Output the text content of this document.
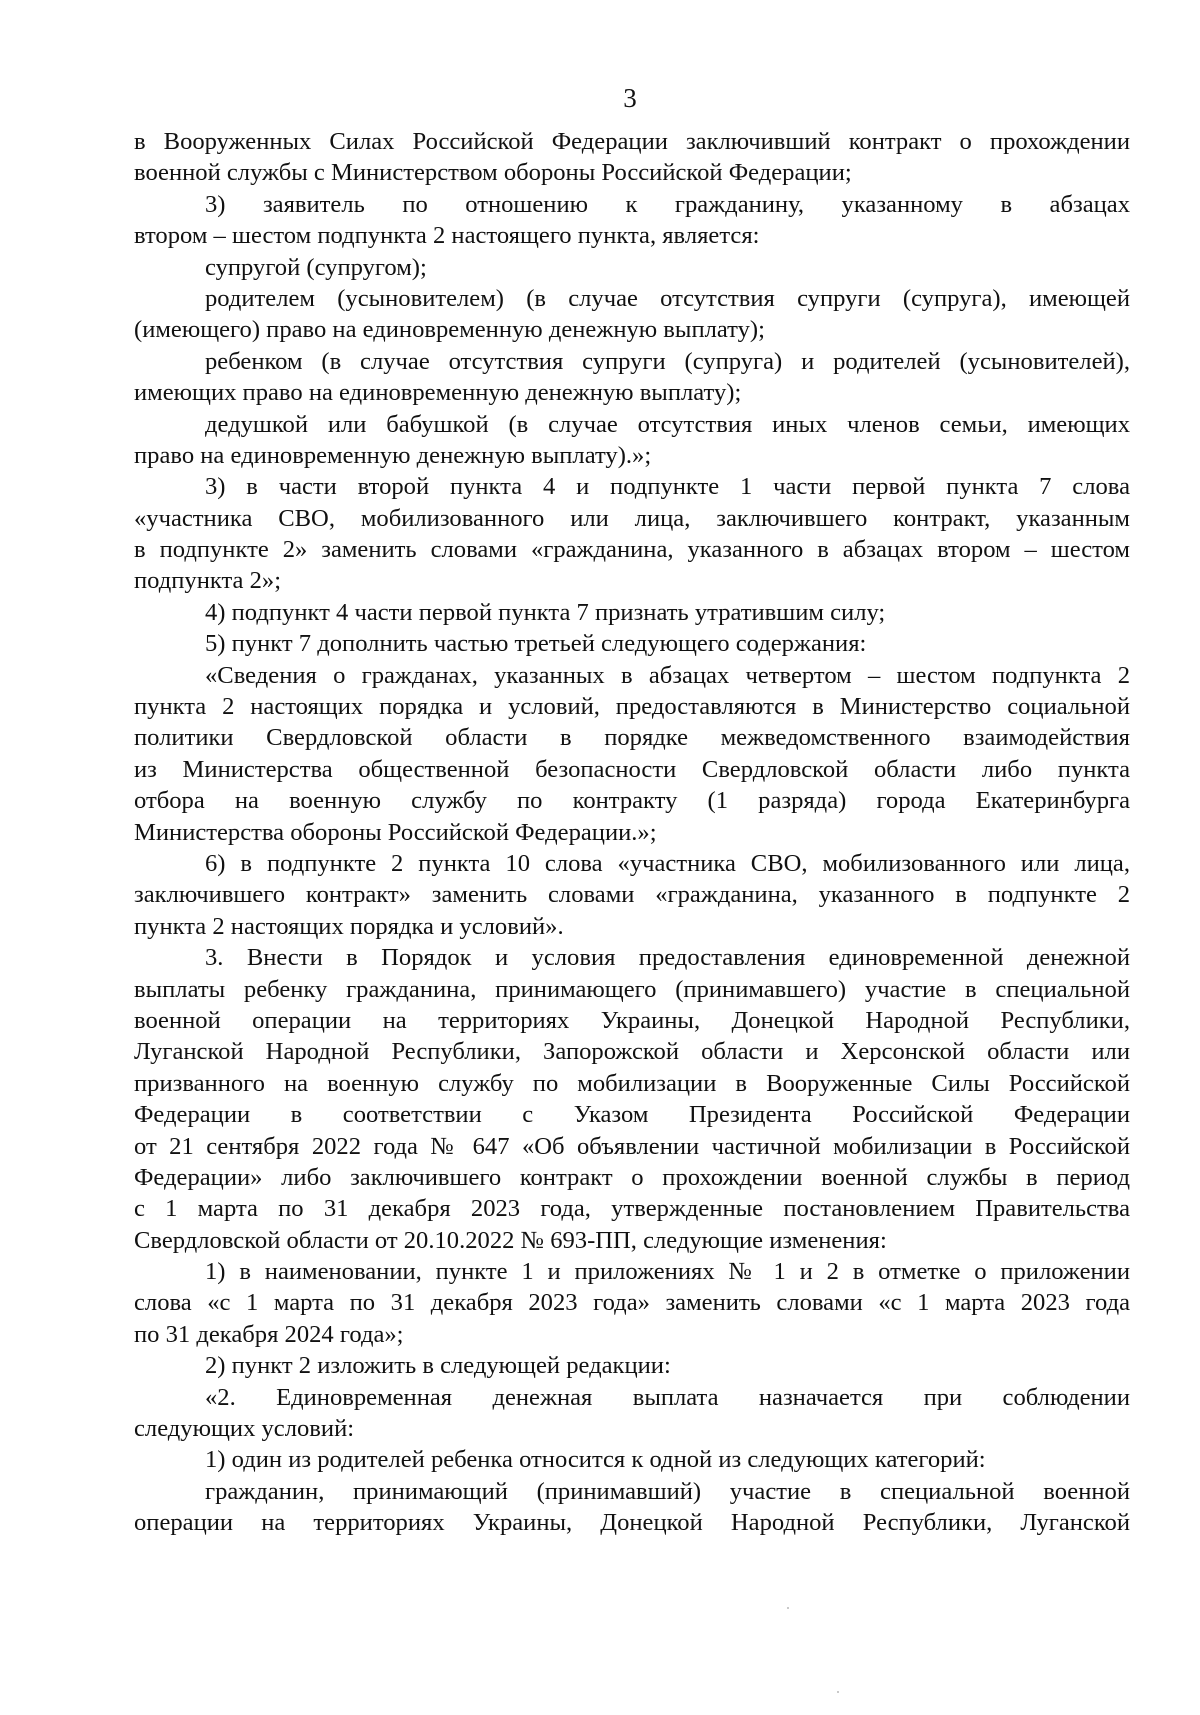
3
в Вооруженных Силах Российской Федерации заключивший контракт о прохождении
военной службы с Министерством обороны Российской Федерации;
3) заявитель по отношению к гражданину, указанному в абзацах
втором – шестом подпункта 2 настоящего пункта, является:
супругой (супругом);
родителем (усыновителем) (в случае отсутствия супруги (супруга), имеющей
(имеющего) право на единовременную денежную выплату);
ребенком (в случае отсутствия супруги (супруга) и родителей (усыновителей),
имеющих право на единовременную денежную выплату);
дедушкой или бабушкой (в случае отсутствия иных членов семьи, имеющих
право на единовременную денежную выплату).»;
3) в части второй пункта 4 и подпункте 1 части первой пункта 7 слова
«участника СВО, мобилизованного или лица, заключившего контракт, указанным
в подпункте 2» заменить словами «гражданина, указанного в абзацах втором – шестом
подпункта 2»;
4) подпункт 4 части первой пункта 7 признать утратившим силу;
5) пункт 7 дополнить частью третьей следующего содержания:
«Сведения о гражданах, указанных в абзацах четвертом – шестом подпункта 2
пункта 2 настоящих порядка и условий, предоставляются в Министерство социальной
политики Свердловской области в порядке межведомственного взаимодействия
из Министерства общественной безопасности Свердловской области либо пункта
отбора на военную службу по контракту (1 разряда) города Екатеринбурга
Министерства обороны Российской Федерации.»;
6) в подпункте 2 пункта 10 слова «участника СВО, мобилизованного или лица,
заключившего контракт» заменить словами «гражданина, указанного в подпункте 2
пункта 2 настоящих порядка и условий».
3. Внести в Порядок и условия предоставления единовременной денежной
выплаты ребенку гражданина, принимающего (принимавшего) участие в специальной
военной операции на территориях Украины, Донецкой Народной Республики,
Луганской Народной Республики, Запорожской области и Херсонской области или
призванного на военную службу по мобилизации в Вооруженные Силы Российской
Федерации в соответствии с Указом Президента Российской Федерации
от 21 сентября 2022 года № 647 «Об объявлении частичной мобилизации в Российской
Федерации» либо заключившего контракт о прохождении военной службы в период
с 1 марта по 31 декабря 2023 года, утвержденные постановлением Правительства
Свердловской области от 20.10.2022 № 693-ПП, следующие изменения:
1) в наименовании, пункте 1 и приложениях № 1 и 2 в отметке о приложении
слова «с 1 марта по 31 декабря 2023 года» заменить словами «с 1 марта 2023 года
по 31 декабря 2024 года»;
2) пункт 2 изложить в следующей редакции:
«2. Единовременная денежная выплата назначается при соблюдении
следующих условий:
1) один из родителей ребенка относится к одной из следующих категорий:
гражданин, принимающий (принимавший) участие в специальной военной
операции на территориях Украины, Донецкой Народной Республики, Луганской
